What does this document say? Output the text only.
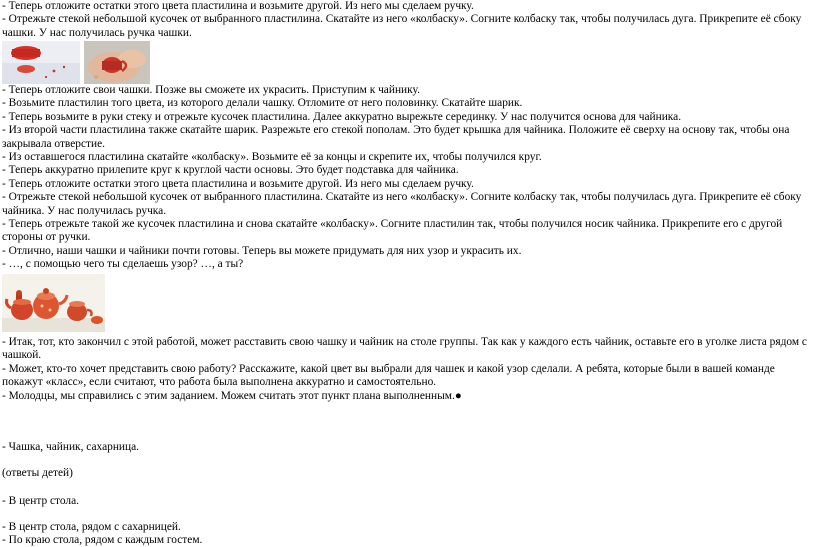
- Теперь отложите остатки этого цвета пластилина и возьмите другой. Из него мы сделаем ручку.

- Отрежьте стекой небольшой кусочек от выбранного пластилина. Скатайте из него «колбаску». Согните колбаску так, чтобы получилась дуга. Прикрепите её сбоку чашки. У нас получилась ручка чашки.

- Теперь отложите свои чашки. Позже вы сможете их украсить. Приступим к чайнику.

- Возьмите пластилин того цвета, из которого делали чашку. Отломите от него половинку. Скатайте шарик.

- Теперь возьмите в руки стеку и отрежьте кусочек пластилина. Далее аккуратно вырежьте серединку. У нас получится основа для чайника.

- Из второй части пластилина также скатайте шарик. Разрежьте его стекой пополам. Это будет крышка для чайника. Положите её сверху на основу так, чтобы она закрывала отверстие.

- Из оставшегося пластилина скатайте «колбаску». Возьмите её за концы и скрепите их, чтобы получился круг.

- Теперь аккуратно прилепите круг к круглой части основы. Это будет подставка для чайника.

- Теперь отложите остатки этого цвета пластилина и возьмите другой. Из него мы сделаем ручку.

- Отрежьте стекой небольшой кусочек от выбранного пластилина. Скатайте из него «колбаску». Согните колбаску так, чтобы получилась дуга. Прикрепите её сбоку чайника. У нас получилась ручка.

- Теперь отрежьте такой же кусочек пластилина и снова скатайте «колбаску». Согните пластилин так, чтобы получился носик чайника. Прикрепите его с другой стороны от ручки.

- Отлично, наши чашки и чайники почти готовы. Теперь вы можете придумать для них узор и украсить их.

- …, с помощью чего ты сделаешь узор? …, а ты?

- Итак, тот, кто закончил с этой работой, может расставить свою чашку и чайник на столе группы. Так как у каждого есть чайник, оставьте его в уголке листа рядом с чашкой.

- Может, кто-то хочет представить свою работу? Расскажите, какой цвет вы выбрали для чашек и какой узор сделали. А ребята, которые были в вашей команде покажут «класс», если считают, что работа была выполнена аккуратно и самостоятельно.

- Молодцы, мы справились с этим заданием. Можем считать этот пункт плана выполненным.●

- Чашка, чайник, сахарница.

(ответы детей)

- В центр стола.

- В центр стола, рядом с сахарницей.

- По краю стола, рядом с каждым гостем.
